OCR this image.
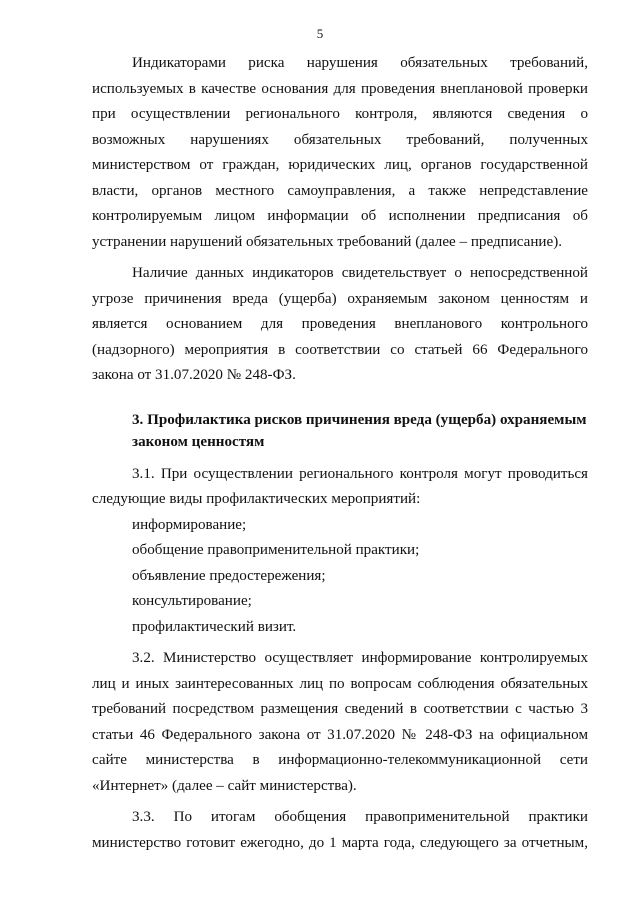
5

Индикаторами риска нарушения обязательных требований, используемых в качестве основания для проведения внеплановой проверки при осуществлении регионального контроля, являются сведения о возможных нарушениях обязательных требований, полученных министерством от граждан, юридических лиц, органов государственной власти, органов местного самоуправления, а также непредставление контролируемым лицом информации об исполнении предписания об устранении нарушений обязательных требований (далее – предписание).

Наличие данных индикаторов свидетельствует о непосредственной угрозе причинения вреда (ущерба) охраняемым законом ценностям и является основанием для проведения внепланового контрольного (надзорного) мероприятия в соответствии со статьей 66 Федерального закона от 31.07.2020 № 248-ФЗ.

3. Профилактика рисков причинения вреда (ущерба) охраняемым
законом ценностям

3.1. При осуществлении регионального контроля могут проводиться следующие виды профилактических мероприятий:

информирование;

обобщение правоприменительной практики;

объявление предостережения;

консультирование;

профилактический визит.

3.2. Министерство осуществляет информирование контролируемых лиц и иных заинтересованных лиц по вопросам соблюдения обязательных требований посредством размещения сведений в соответствии с частью 3 статьи 46 Федерального закона от 31.07.2020 № 248-ФЗ на официальном сайте министерства в информационно-телекоммуникационной сети «Интернет» (далее – сайт министерства).

3.3. По итогам обобщения правоприменительной практики министерство готовит ежегодно, до 1 марта года, следующего за отчетным,
